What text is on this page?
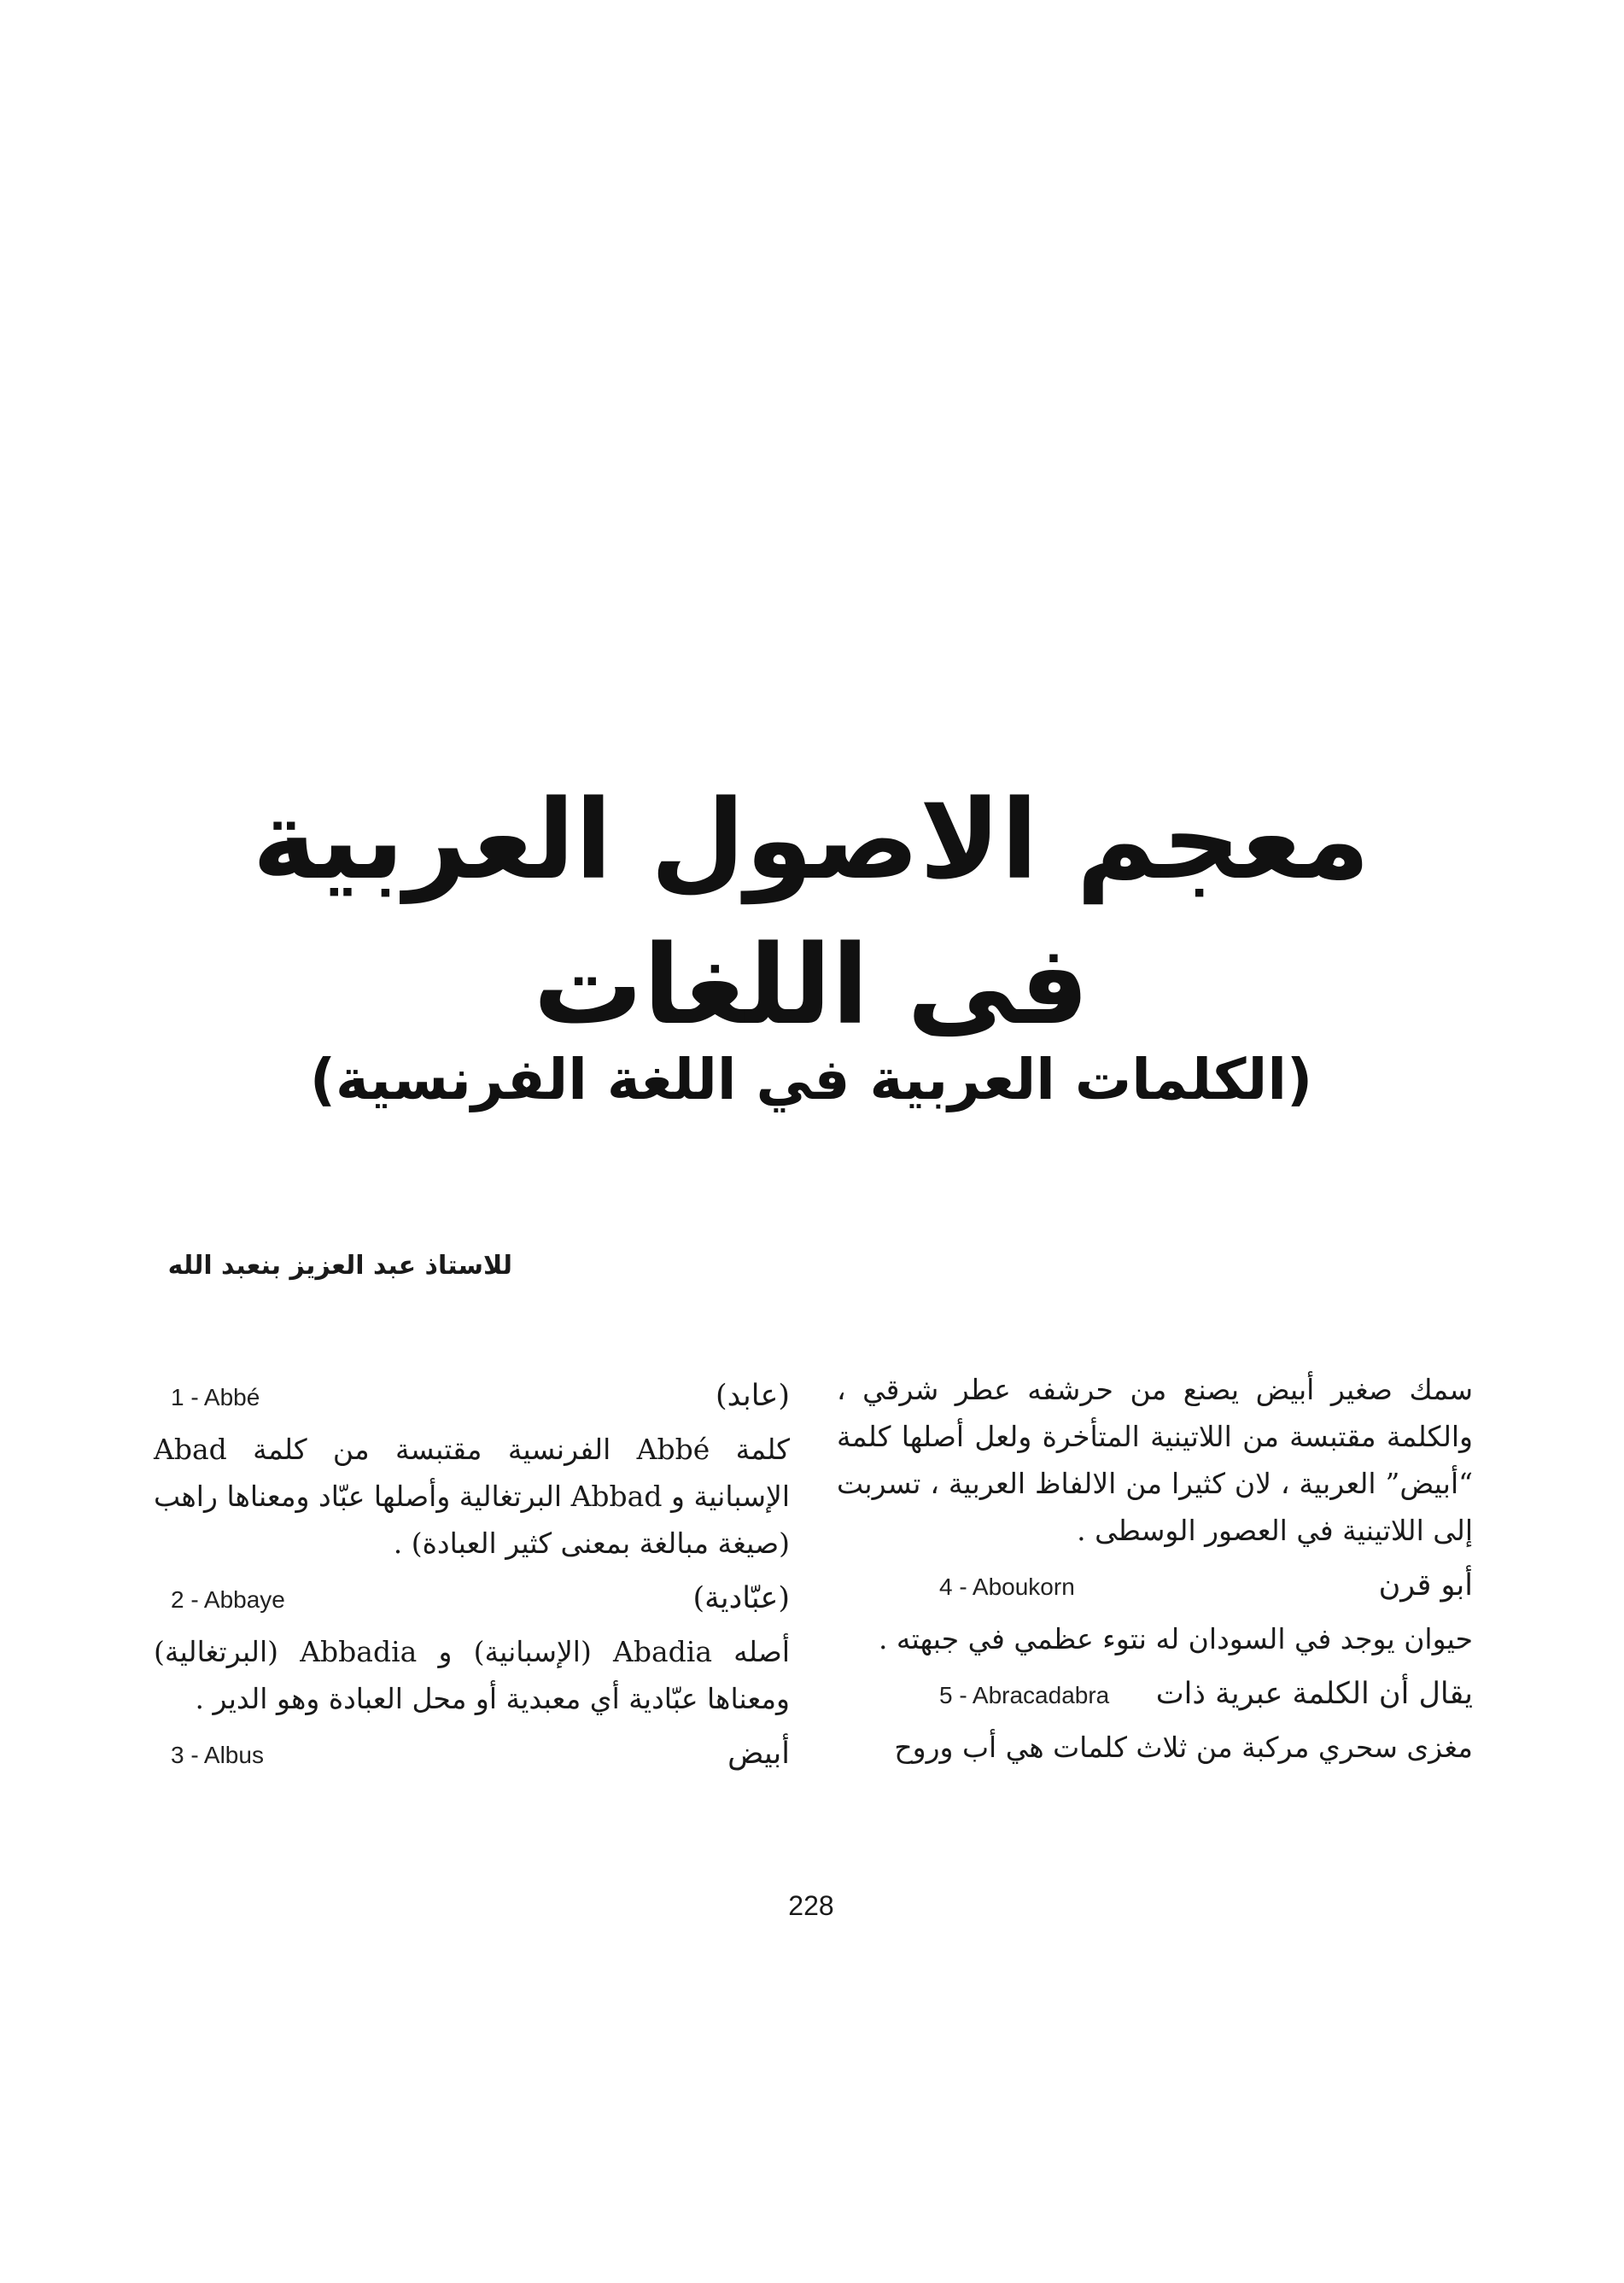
معجم الاصول العربية فى اللغات
(الكلمات العربية في اللغة الفرنسية)
للاستاذ عبد العزيز بنعبد الله

سمك صغير أبيض يصنع من حرشفه عطر شرقي ، والكلمة مقتبسة من اللاتينية المتأخرة ولعل أصلها كلمة “أبيض” العربية ، لان كثيرا من الالفاظ العربية ، تسربت إلى اللاتينية في العصور الوسطى .

أبو قرن
4 - Aboukorn

حيوان يوجد في السودان له نتوء عظمي في جبهته .

يقال أن الكلمة عبرية ذات
5 - Abracadabra

مغزى سحري مركبة من ثلاث كلمات هي أب وروح

(عابد)
1 - Abbé

كلمة Abbé الفرنسية مقتبسة من كلمة Abad الإسبانية و Abbad البرتغالية وأصلها عبّاد ومعناها راهب (صيغة مبالغة بمعنى كثير العبادة) .

(عبّادية)
2 - Abbaye

أصله Abadia (الإسبانية) و Abbadia (البرتغالية) ومعناها عبّادية أي معبدية أو محل العبادة وهو الدير .

أبيض
3 - Albus
228
